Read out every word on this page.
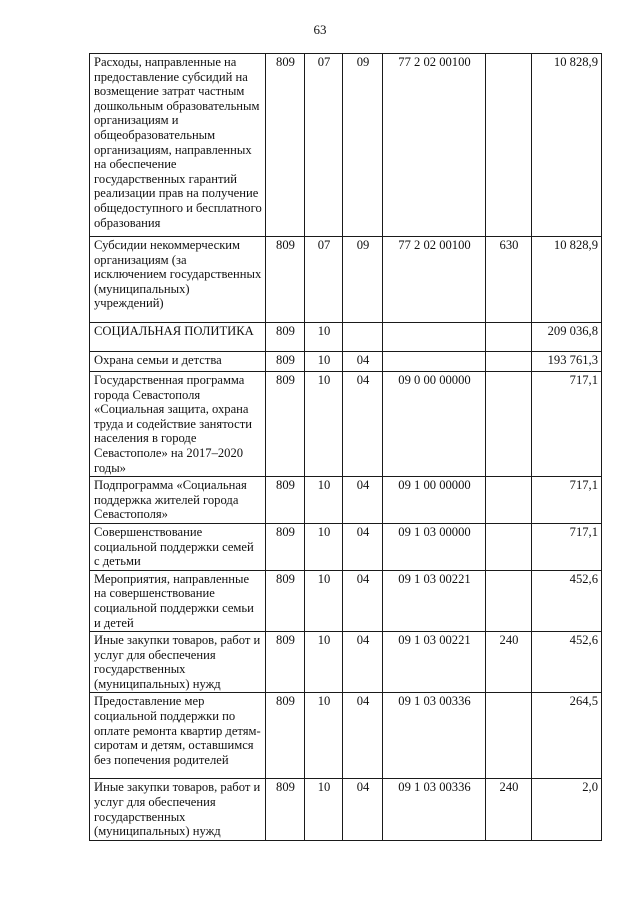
63
Расходы, направленные на предоставление субсидий на возмещение затрат частным дошкольным образовательным организациям и общеобразовательным организациям, направленных на обеспечение государственных гарантий реализации прав на получение общедоступного и бесплатного образования	809	07	09	77 2 02 00100		10 828,9
Субсидии некоммерческим организациям (за исключением государственных (муниципальных) учреждений)	809	07	09	77 2 02 00100	630	10 828,9
СОЦИАЛЬНАЯ ПОЛИТИКА	809	10				209 036,8
Охрана семьи и детства	809	10	04			193 761,3
Государственная программа города Севастополя «Социальная защита, охрана труда и содействие занятости населения в городе Севастополе» на 2017–2020 годы»	809	10	04	09 0 00 00000		717,1
Подпрограмма «Социальная поддержка жителей города Севастополя»	809	10	04	09 1 00 00000		717,1
Совершенствование социальной поддержки семей с детьми	809	10	04	09 1 03 00000		717,1
Мероприятия, направленные на совершенствование социальной поддержки семьи и детей	809	10	04	09 1 03 00221		452,6
Иные закупки товаров, работ и услуг для обеспечения государственных (муниципальных) нужд	809	10	04	09 1 03 00221	240	452,6
Предоставление мер социальной поддержки по оплате ремонта квартир детям-сиротам и детям, оставшимся без попечения родителей	809	10	04	09 1 03 00336		264,5
Иные закупки товаров, работ и услуг для обеспечения государственных (муниципальных) нужд	809	10	04	09 1 03 00336	240	2,0
